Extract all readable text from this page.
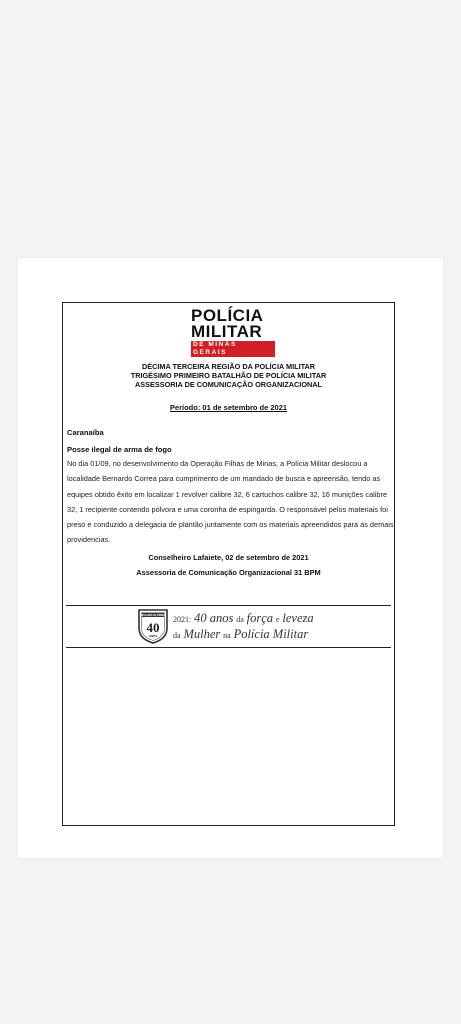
POLÍCIA
MILITAR
DE MINAS GERAIS
DÉCIMA TERCEIRA REGIÃO DA POLÍCIA MILITAR
TRIGÉSIMO PRIMEIRO BATALHÃO DE POLÍCIA MILITAR
ASSESSORIA DE COMUNICAÇÃO ORGANIZACIONAL
Período: 01 de setembro de 2021
Caranaíba
Posse ilegal de arma de fogo
No dia 01/09, no desenvolvimento da Operação Filhas de Minas, a Polícia Militar deslocou a localidade Bernardo Correa para cumprimento de um mandado de busca e apreensão, tendo as equipes obtido êxito em localizar 1 revolver calibre 32, 6 cartuchos calibre 32, 16 munições calibre 32, 1 recipiente contendo pólvora e uma coronha de espingarda. O responsável pelos materiais foi preso e conduzido a delegacia de plantão juntamente com os materiais apreendidos para as demais providencias.
Conselheiro Lafaiete, 02 de setembro de 2021
Assessoria de Comunicação Organizacional 31 BPM
MULHER NA PMMG
40
ANOS
2021: 40 anos da força e leveza
da Mulher na Polícia Militar
